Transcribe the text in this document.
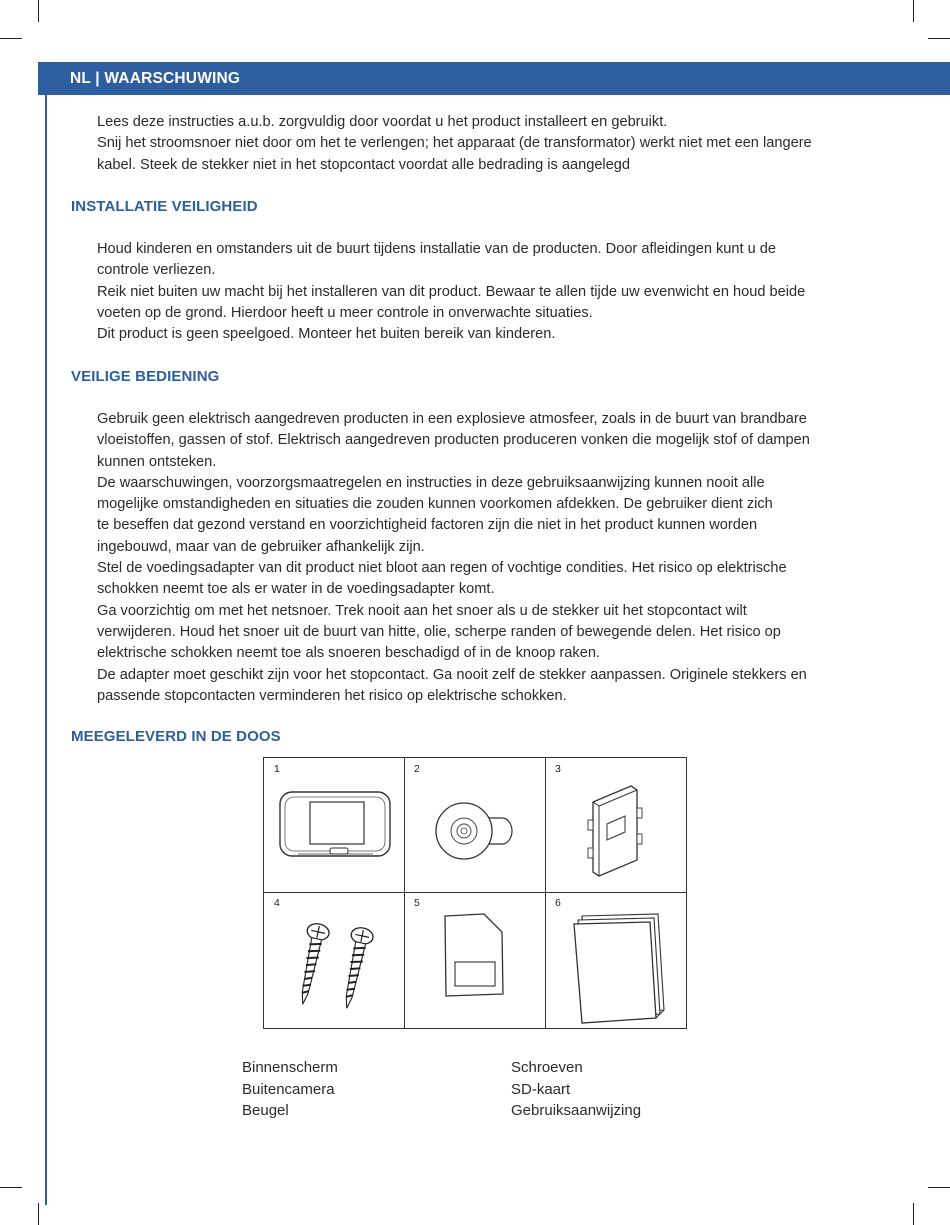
NL | WAARSCHUWING
Lees deze instructies a.u.b. zorgvuldig door voordat u het product installeert en gebruikt.
Snij het stroomsnoer niet door om het te verlengen; het apparaat (de transformator) werkt niet met een langere
kabel. Steek de stekker niet in het stopcontact voordat alle bedrading is aangelegd
INSTALLATIE VEILIGHEID
Houd kinderen en omstanders uit de buurt tijdens installatie van de producten. Door afleidingen kunt u de
controle verliezen.
Reik niet buiten uw macht bij het installeren van dit product. Bewaar te allen tijde uw evenwicht en houd beide
voeten op de grond. Hierdoor heeft u meer controle in onverwachte situaties.
Dit product is geen speelgoed. Monteer het buiten bereik van kinderen.
VEILIGE BEDIENING
Gebruik geen elektrisch aangedreven producten in een explosieve atmosfeer, zoals in de buurt van brandbare
vloeistoffen, gassen of stof. Elektrisch aangedreven producten produceren vonken die mogelijk stof of dampen
kunnen ontsteken.
De waarschuwingen, voorzorgsmaatregelen en instructies in deze gebruiksaanwijzing kunnen nooit alle
mogelijke omstandigheden en situaties die zouden kunnen voorkomen afdekken. De gebruiker dient zich
te beseffen dat gezond verstand en voorzichtigheid factoren zijn die niet in het product kunnen worden
ingebouwd, maar van de gebruiker afhankelijk zijn.
Stel de voedingsadapter van dit product niet bloot aan regen of vochtige condities. Het risico op elektrische
schokken neemt toe als er water in de voedingsadapter komt.
Ga voorzichtig om met het netsnoer. Trek nooit aan het snoer als u de stekker uit het stopcontact wilt
verwijderen. Houd het snoer uit de buurt van hitte, olie, scherpe randen of bewegende delen. Het risico op
elektrische schokken neemt toe als snoeren beschadigd of in de knoop raken.
De adapter moet geschikt zijn voor het stopcontact. Ga nooit zelf de stekker aanpassen. Originele stekkers en
passende stopcontacten verminderen het risico op elektrische schokken.
MEEGELEVERD IN DE DOOS
1	2	3
4	5	6
Binnenscherm
Buitencamera
Beugel
Schroeven
SD-kaart
Gebruiksaanwijzing
